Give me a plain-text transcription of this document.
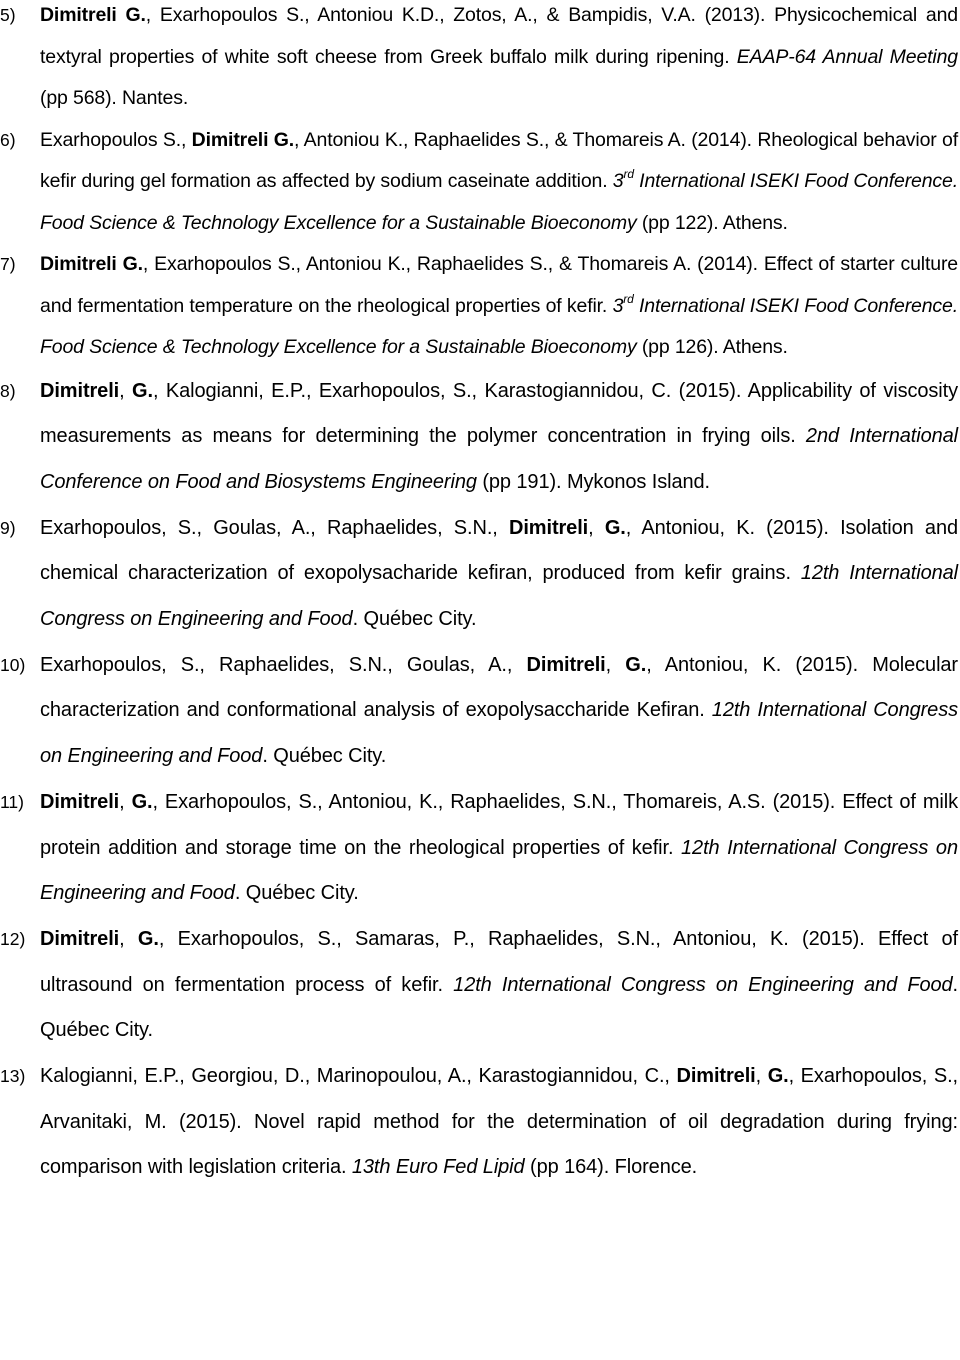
5) Dimitreli G., Exarhopoulos S., Antoniou K.D., Zotos, A., & Bampidis, V.A. (2013). Physicochemical and textyral properties of white soft cheese from Greek buffalo milk during ripening. EAAP-64 Annual Meeting (pp 568). Nantes.
6) Exarhopoulos S., Dimitreli G., Antoniou K., Raphaelides S., & Thomareis A. (2014). Rheological behavior of kefir during gel formation as affected by sodium caseinate addition. 3rd International ISEKI Food Conference. Food Science & Technology Excellence for a Sustainable Bioeconomy (pp 122). Athens.
7) Dimitreli G., Exarhopoulos S., Antoniou K., Raphaelides S., & Thomareis A. (2014). Effect of starter culture and fermentation temperature on the rheological properties of kefir. 3rd International ISEKI Food Conference. Food Science & Technology Excellence for a Sustainable Bioeconomy (pp 126). Athens.
8) Dimitreli, G., Kalogianni, E.P., Exarhopoulos, S., Karastogiannidou, C. (2015). Applicability of viscosity measurements as means for determining the polymer concentration in frying oils. 2nd International Conference on Food and Biosystems Engineering (pp 191). Mykonos Island.
9) Exarhopoulos, S., Goulas, A., Raphaelides, S.N., Dimitreli, G., Antoniou, K. (2015). Isolation and chemical characterization of exopolysacharide kefiran, produced from kefir grains. 12th International Congress on Engineering and Food. Québec City.
10) Exarhopoulos, S., Raphaelides, S.N., Goulas, A., Dimitreli, G., Antoniou, K. (2015). Molecular characterization and conformational analysis of exopolysaccharide Kefiran. 12th International Congress on Engineering and Food. Québec City.
11) Dimitreli, G., Exarhopoulos, S., Antoniou, K., Raphaelides, S.N., Thomareis, A.S. (2015). Effect of milk protein addition and storage time on the rheological properties of kefir. 12th International Congress on Engineering and Food. Québec City.
12) Dimitreli, G., Exarhopoulos, S., Samaras, P., Raphaelides, S.N., Antoniou, K. (2015). Effect of ultrasound on fermentation process of kefir. 12th International Congress on Engineering and Food. Québec City.
13) Kalogianni, E.P., Georgiou, D., Marinopoulou, A., Karastogiannidou, C., Dimitreli, G., Exarhopoulos, S., Arvanitaki, M. (2015). Novel rapid method for the determination of oil degradation during frying: comparison with legislation criteria. 13th Euro Fed Lipid (pp 164). Florence.
